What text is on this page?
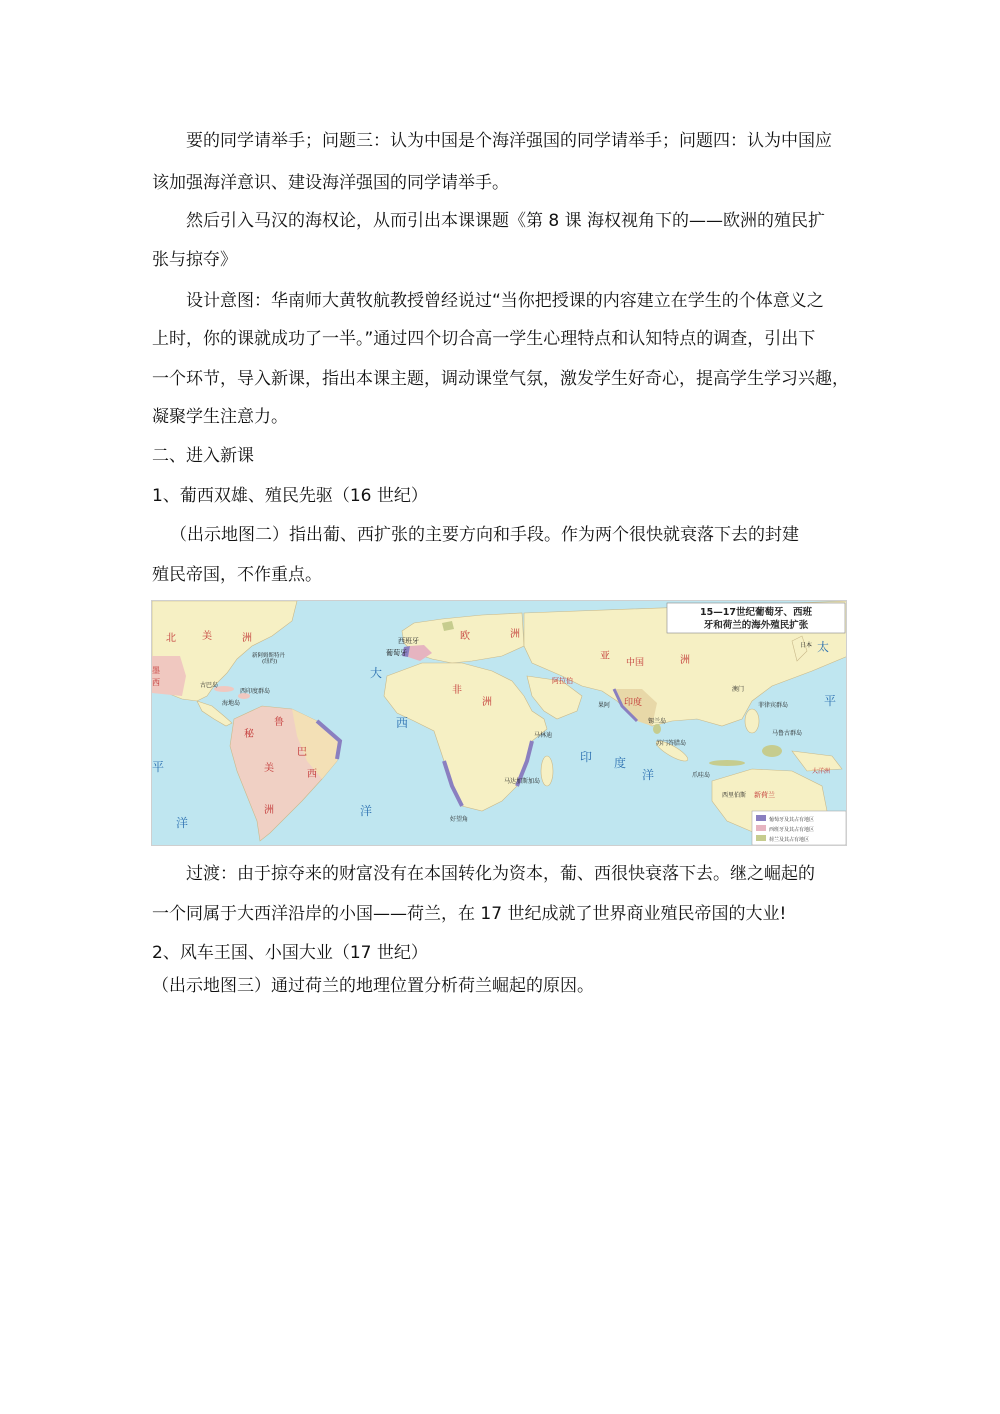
要的同学请举手；问题三：认为中国是个海洋强国的同学请举手；问题四：认为中国应
该加强海洋意识、建设海洋强国的同学请举手。
然后引入马汉的海权论，从而引出本课课题《第 8 课 海权视角下的——欧洲的殖民扩
张与掠夺》
设计意图：华南师大黄牧航教授曾经说过“当你把授课的内容建立在学生的个体意义之
上时，你的课就成功了一半。”通过四个切合高一学生心理特点和认知特点的调查，引出下
一个环节，导入新课，指出本课主题，调动课堂气氛，激发学生好奇心，提高学生学习兴趣，
凝聚学生注意力。
二、进入新课
1、葡西双雄、殖民先驱（16 世纪）
（出示地图二）指出葡、西扩张的主要方向和手段。作为两个很快就衰落下去的封建
殖民帝国，不作重点。
15—17世纪葡萄牙、西班
牙和荷兰的海外殖民扩张
葡萄牙及其占有地区
西班牙及其占有地区
荷兰及其占有地区
北	美	洲	欧	洲
非
洲
亚	洲
秘
鲁
巴
西
美
洲
墨
西
大
西
洋
印 度
洋
太
平
平
洋
西班牙
葡萄牙
新阿姆斯特丹
(纽约)
古巴岛
西印度群岛
海地岛
中国
印度
澳门
菲律宾群岛
果阿
锡兰岛
苏门答腊岛
爪哇岛
马鲁古群岛
西里伯斯 新荷兰
大洋洲
马林迪
马达加斯加岛
好望角
阿拉伯
日本
过渡：由于掠夺来的财富没有在本国转化为资本，葡、西很快衰落下去。继之崛起的
一个同属于大西洋沿岸的小国——荷兰，在 17 世纪成就了世界商业殖民帝国的大业!
2、风车王国、小国大业（17 世纪）
（出示地图三）通过荷兰的地理位置分析荷兰崛起的原因。
